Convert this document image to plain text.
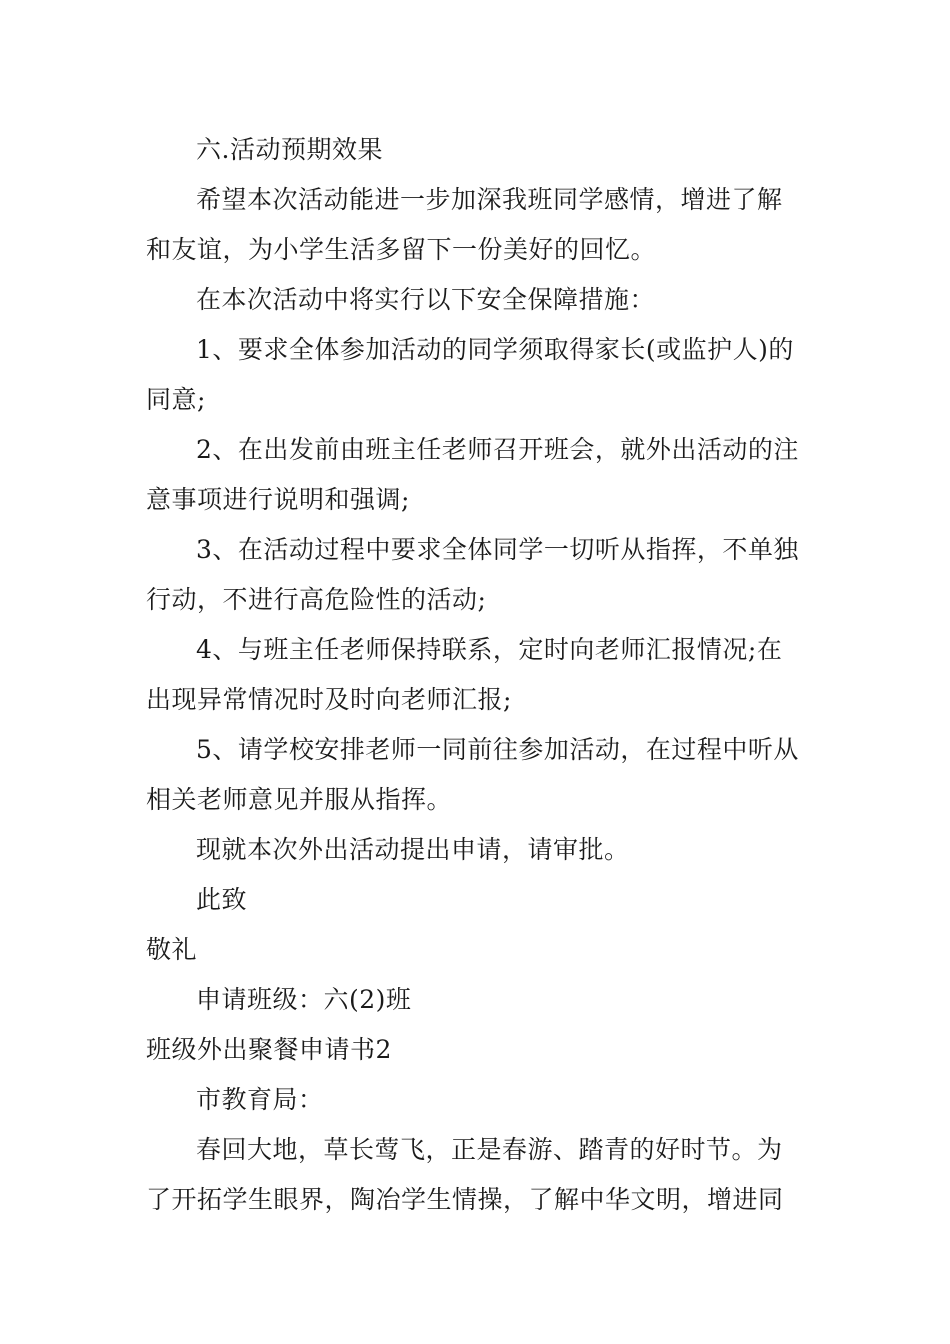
六.活动预期效果
希望本次活动能进一步加深我班同学感情，增进了解
和友谊，为小学生活多留下一份美好的回忆。
在本次活动中将实行以下安全保障措施：
1、要求全体参加活动的同学须取得家长(或监护人)的
同意;
2、在出发前由班主任老师召开班会，就外出活动的注
意事项进行说明和强调;
3、在活动过程中要求全体同学一切听从指挥，不单独
行动，不进行高危险性的活动;
4、与班主任老师保持联系，定时向老师汇报情况;在
出现异常情况时及时向老师汇报;
5、请学校安排老师一同前往参加活动，在过程中听从
相关老师意见并服从指挥。
现就本次外出活动提出申请，请审批。
此致
敬礼
申请班级：六(2)班
班级外出聚餐申请书2
市教育局：
春回大地，草长莺飞，正是春游、踏青的好时节。为
了开拓学生眼界，陶冶学生情操，了解中华文明，增进同
